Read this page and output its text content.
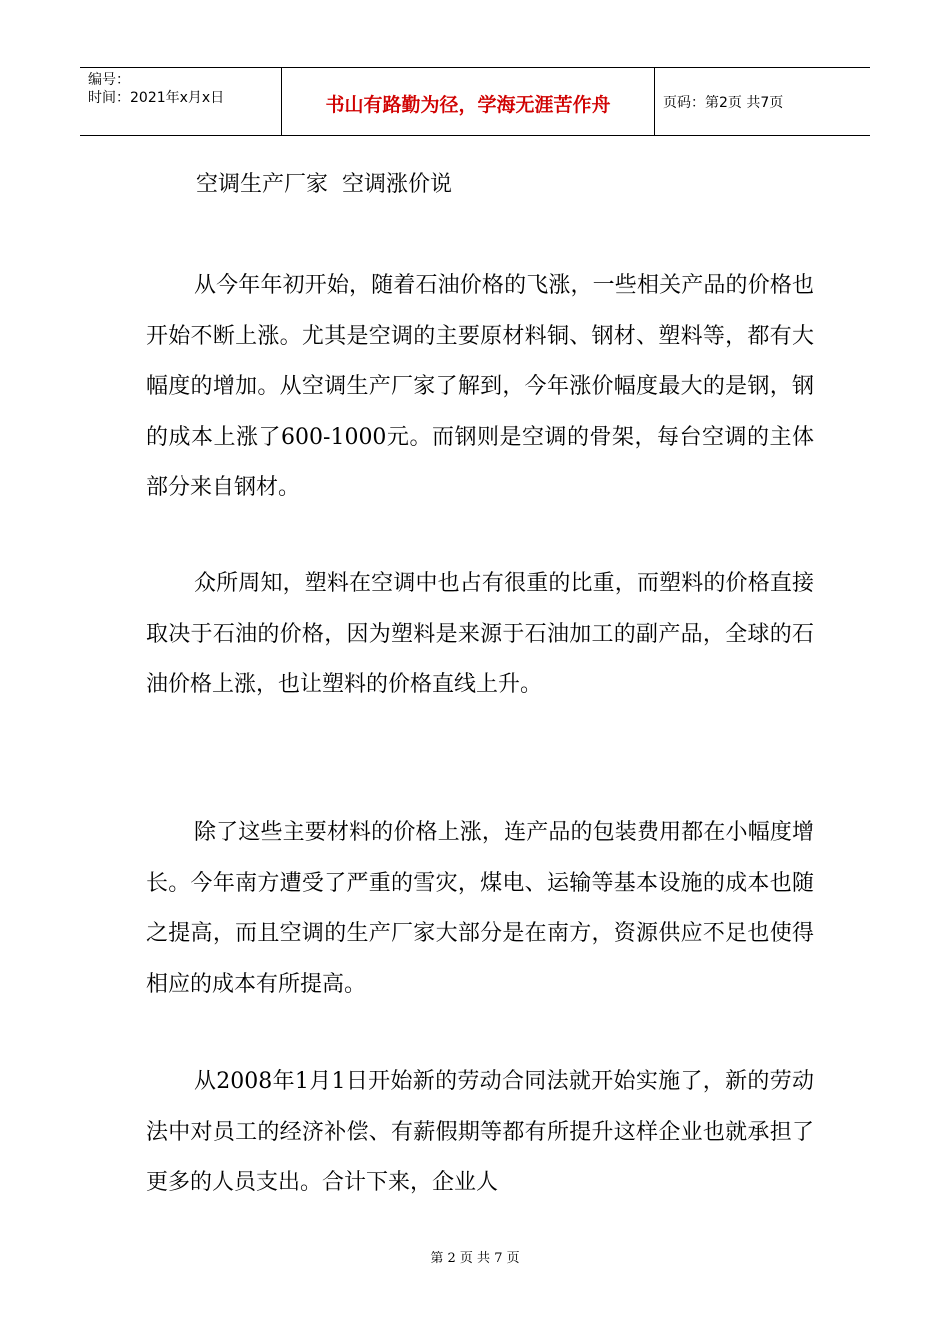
编号：
时间：2021年x月x日	书山有路勤为径，学海无涯苦作舟	页码：第2页 共7页
空调生产厂家  空调涨价说

从今年年初开始，随着石油价格的飞涨，一些相关产品的价格也开始不断上涨。尤其是空调的主要原材料铜、钢材、塑料等，都有大幅度的增加。从空调生产厂家了解到，今年涨价幅度最大的是钢，钢的成本上涨了600-1000元。而钢则是空调的骨架，每台空调的主体部分来自钢材。

众所周知，塑料在空调中也占有很重的比重，而塑料的价格直接取决于石油的价格，因为塑料是来源于石油加工的副产品，全球的石油价格上涨，也让塑料的价格直线上升。

除了这些主要材料的价格上涨，连产品的包装费用都在小幅度增长。今年南方遭受了严重的雪灾，煤电、运输等基本设施的成本也随之提高，而且空调的生产厂家大部分是在南方，资源供应不足也使得相应的成本有所提高。

从2008年1月1日开始新的劳动合同法就开始实施了，新的劳动法中对员工的经济补偿、有薪假期等都有所提升这样企业也就承担了更多的人员支出。合计下来，企业人

第 2 页 共 7 页
